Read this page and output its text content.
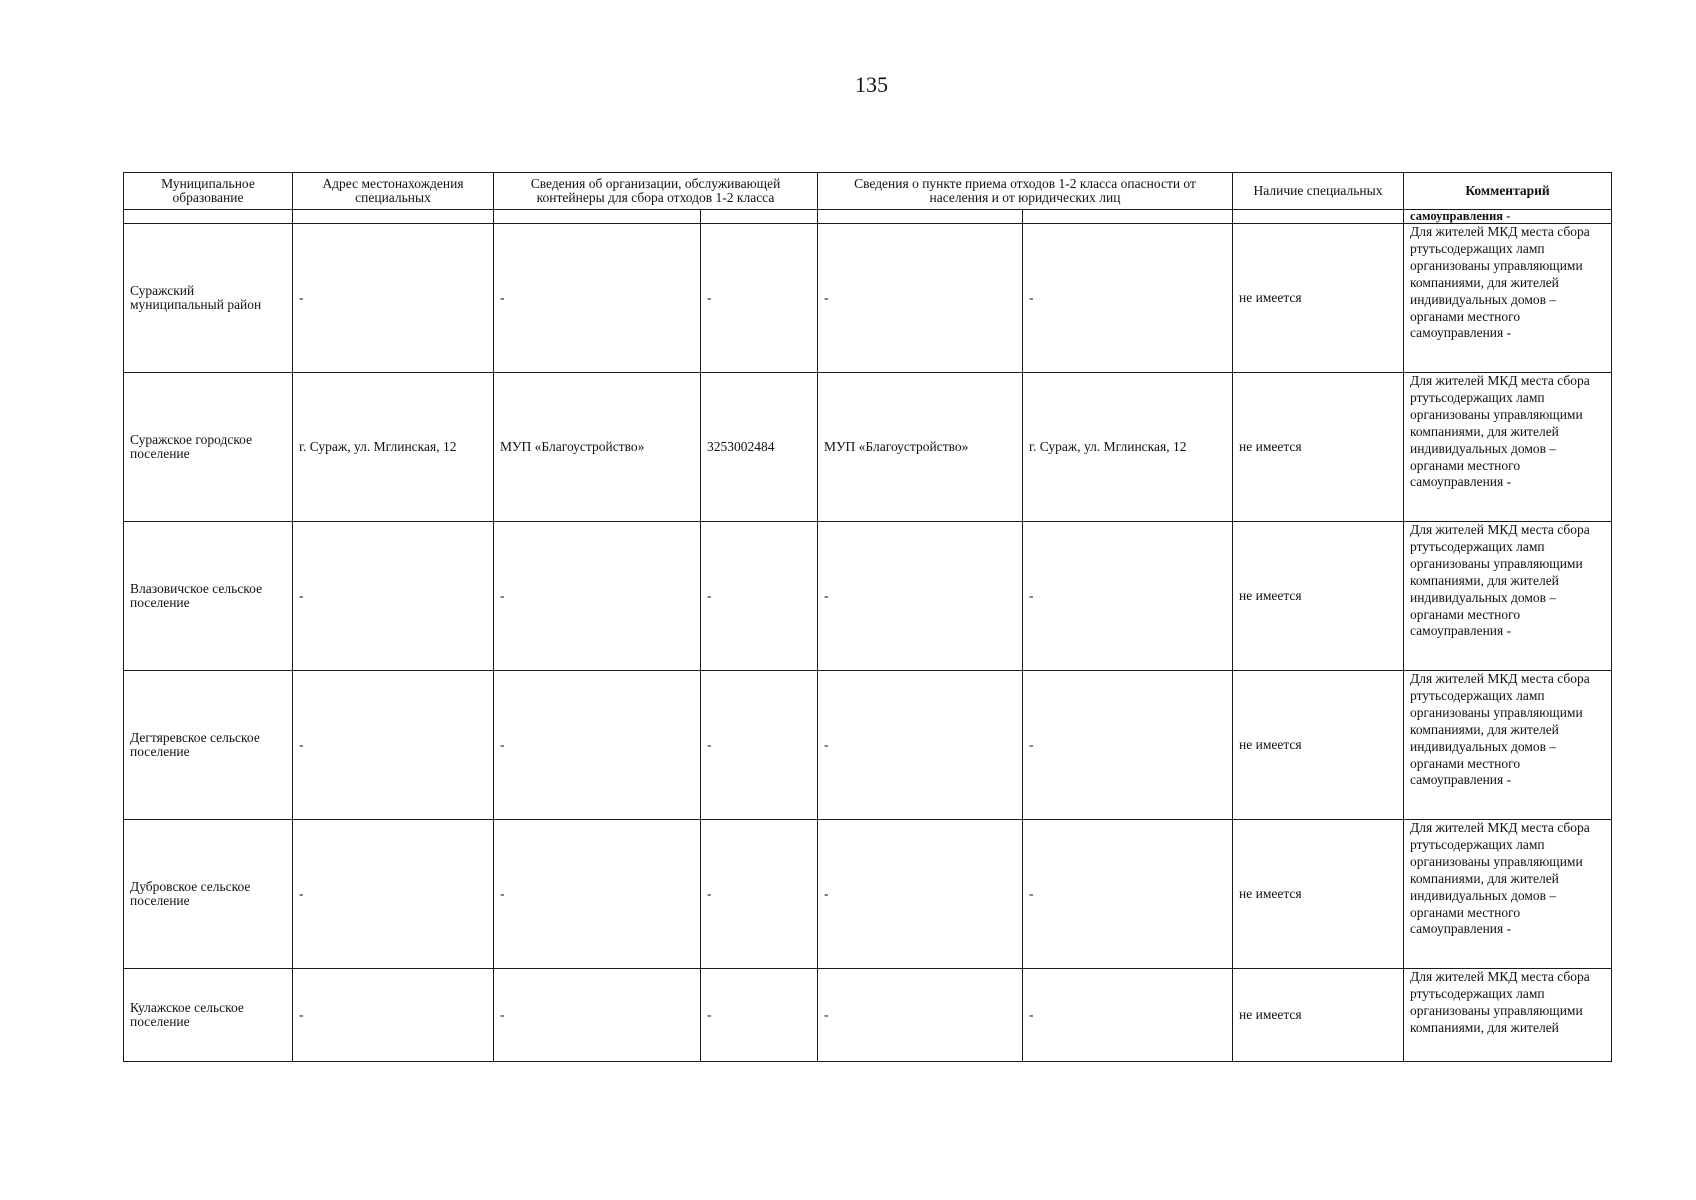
135
Муниципальное образование	Адрес местонахождения специальных	Сведения об организации, обслуживающей контейнеры для сбора отходов 1-2 класса		Сведения о пункте приема отходов 1-2 класса опасности от населения и от юридических лиц		Наличие специальных	Комментарий
							самоуправления -
Суражский муниципальный район	-	-	-	-	-	не имеется	Для жителей МКД места сбора ртутьсодержащих ламп организованы управляющими компаниями, для жителей индивидуальных домов – органами местного самоуправления -
Суражское городское поселение	г. Сураж, ул. Мглинская, 12	МУП «Благоустройство»	3253002484	МУП «Благоустройство»	г. Сураж, ул. Мглинская, 12	не имеется	Для жителей МКД места сбора ртутьсодержащих ламп организованы управляющими компаниями, для жителей индивидуальных домов – органами местного самоуправления -
Влазовичское сельское поселение	-	-	-	-	-	не имеется	Для жителей МКД места сбора ртутьсодержащих ламп организованы управляющими компаниями, для жителей индивидуальных домов – органами местного самоуправления -
Дегтяревское сельское поселение	-	-	-	-	-	не имеется	Для жителей МКД места сбора ртутьсодержащих ламп организованы управляющими компаниями, для жителей индивидуальных домов – органами местного самоуправления -
Дубровское сельское поселение	-	-	-	-	-	не имеется	Для жителей МКД места сбора ртутьсодержащих ламп организованы управляющими компаниями, для жителей индивидуальных домов – органами местного самоуправления -
Кулажское сельское поселение	-	-	-	-	-	не имеется	Для жителей МКД места сбора ртутьсодержащих ламп организованы управляющими компаниями, для жителей
